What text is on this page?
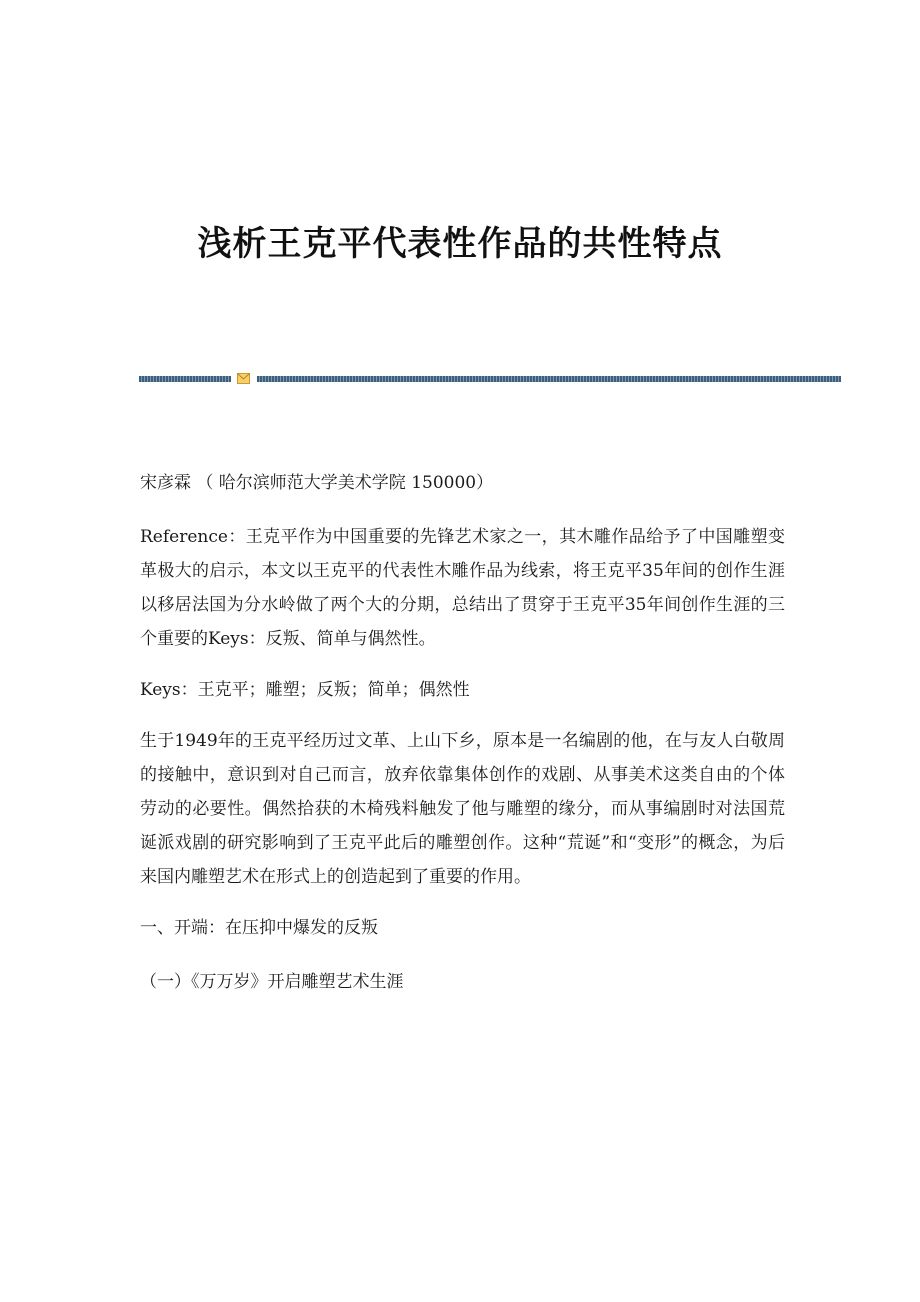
浅析王克平代表性作品的共性特点

宋彦霖 （ 哈尔滨师范大学美术学院 150000）

Reference：王克平作为中国重要的先锋艺术家之一，其木雕作品给予了中国雕塑变革极大的启示，本文以王克平的代表性木雕作品为线索，将王克平35年间的创作生涯以移居法国为分水岭做了两个大的分期，总结出了贯穿于王克平35年间创作生涯的三个重要的Keys：反叛、简单与偶然性。

Keys：王克平；雕塑；反叛；简单；偶然性

生于1949年的王克平经历过文革、上山下乡，原本是一名编剧的他，在与友人白敬周的接触中，意识到对自己而言，放弃依靠集体创作的戏剧、从事美术这类自由的个体劳动的必要性。偶然拾获的木椅残料触发了他与雕塑的缘分，而从事编剧时对法国荒诞派戏剧的研究影响到了王克平此后的雕塑创作。这种“荒诞”和“变形”的概念，为后来国内雕塑艺术在形式上的创造起到了重要的作用。

一、开端：在压抑中爆发的反叛

（一）《万万岁》开启雕塑艺术生涯
